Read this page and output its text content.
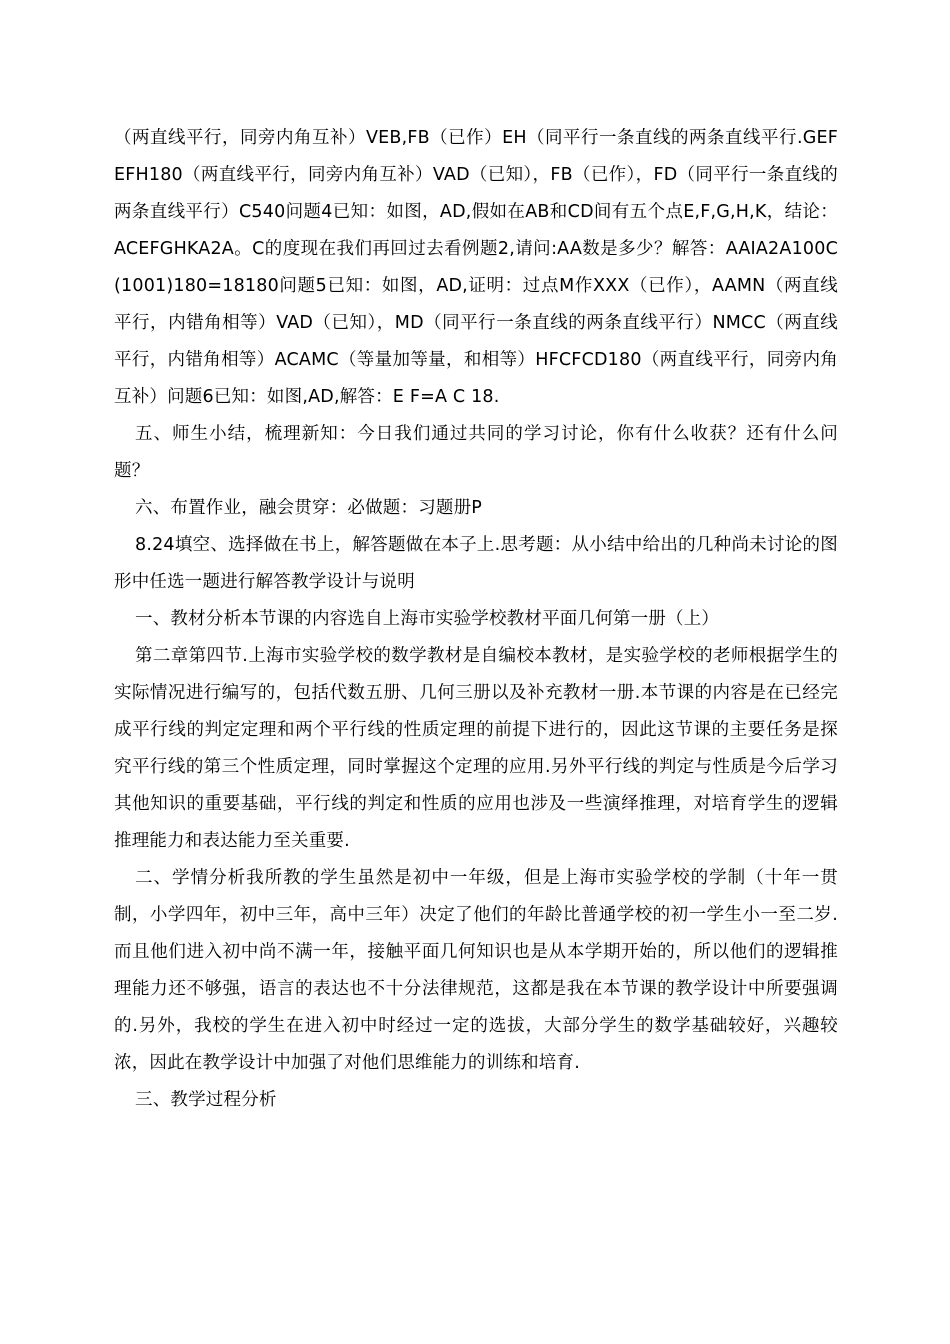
（两直线平行，同旁内角互补）VEB,FB（已作）EH（同平行一条直线的两条直线平行.GEFEFH180（两直线平行，同旁内角互补）VAD（已知），FB（已作），FD（同平行一条直线的两条直线平行）C540问题4已知：如图，AD,假如在AB和CD间有五个点E,F,G,H,K，结论：ACEFGHKA2A。C的度现在我们再回过去看例题2,请问:AA数是多少？解答：AAIA2A100C(1001)180=18180问题5已知：如图，AD,证明：过点M作XXX（已作），AAMN（两直线平行，内错角相等）VAD（已知），MD（同平行一条直线的两条直线平行）NMCC（两直线平行，内错角相等）ACAMC（等量加等量，和相等）HFCFCD180（两直线平行，同旁内角互补）问题6已知：如图,AD,解答：E F=A C 18.

五、师生小结，梳理新知：今日我们通过共同的学习讨论，你有什么收获？还有什么问题？

六、布置作业，融会贯穿：必做题：习题册P

8.24填空、选择做在书上，解答题做在本子上.思考题：从小结中给出的几种尚未讨论的图形中任选一题进行解答教学设计与说明

一、教材分析本节课的内容选自上海市实验学校教材平面几何第一册（上）

第二章第四节.上海市实验学校的数学教材是自编校本教材，是实验学校的老师根据学生的实际情况进行编写的，包括代数五册、几何三册以及补充教材一册.本节课的内容是在已经完成平行线的判定定理和两个平行线的性质定理的前提下进行的，因此这节课的主要任务是探究平行线的第三个性质定理，同时掌握这个定理的应用.另外平行线的判定与性质是今后学习其他知识的重要基础，平行线的判定和性质的应用也涉及一些演绎推理，对培育学生的逻辑推理能力和表达能力至关重要.

二、学情分析我所教的学生虽然是初中一年级，但是上海市实验学校的学制（十年一贯制，小学四年，初中三年，高中三年）决定了他们的年龄比普通学校的初一学生小一至二岁.而且他们进入初中尚不满一年，接触平面几何知识也是从本学期开始的，所以他们的逻辑推理能力还不够强，语言的表达也不十分法律规范，这都是我在本节课的教学设计中所要强调的.另外，我校的学生在进入初中时经过一定的选拔，大部分学生的数学基础较好，兴趣较浓，因此在教学设计中加强了对他们思维能力的训练和培育.

三、教学过程分析
